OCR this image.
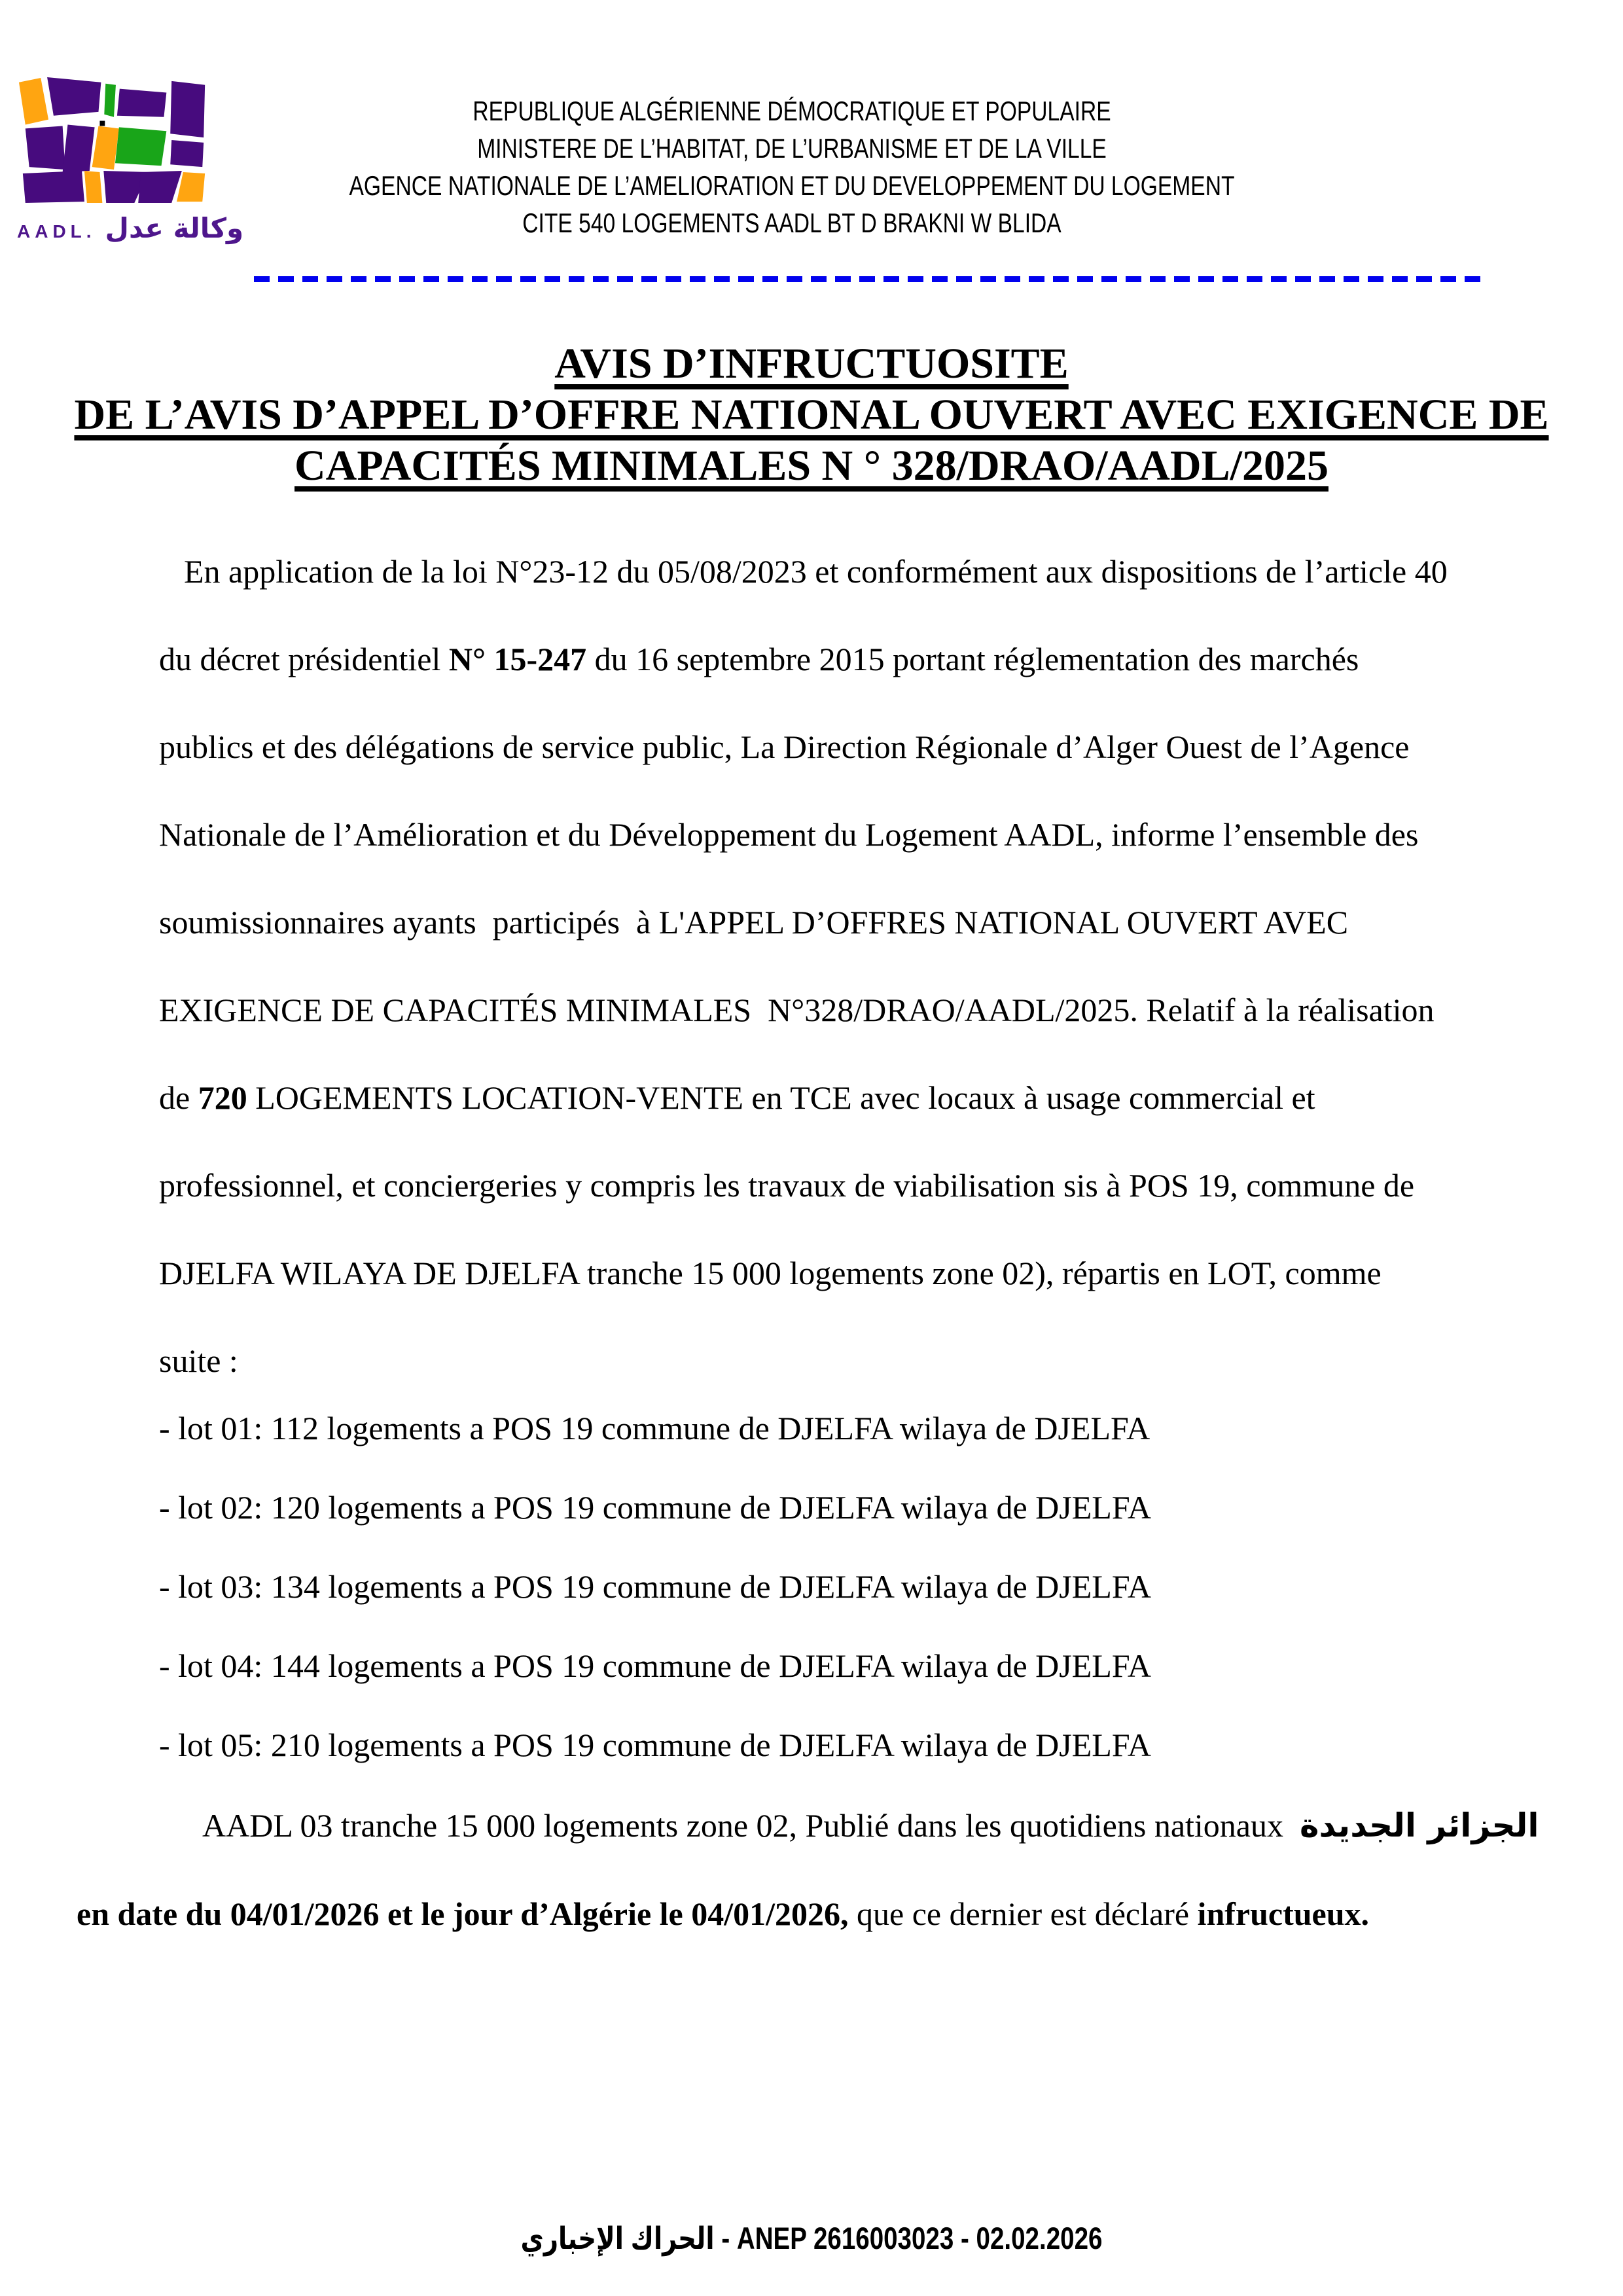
AADL. وكالة عدل
REPUBLIQUE ALGÉRIENNE DÉMOCRATIQUE ET POPULAIRE
MINISTERE DE L’HABITAT, DE L’URBANISME ET DE LA VILLE
AGENCE NATIONALE DE L’AMELIORATION ET DU DEVELOPPEMENT DU LOGEMENT
CITE 540 LOGEMENTS AADL BT D BRAKNI W BLIDA
AVIS D’INFRUCTUOSITE
DE L’AVIS D’APPEL D’OFFRE NATIONAL OUVERT AVEC EXIGENCE DE
CAPACITÉS MINIMALES N ° 328/DRAO/AADL/2025
En application de la loi N°23-12 du 05/08/2023 et conformément aux dispositions de l’article 40
du décret présidentiel N° 15-247 du 16 septembre 2015 portant réglementation des marchés
publics et des délégations de service public, La Direction Régionale d’Alger Ouest de l’Agence
Nationale de l’Amélioration et du Développement du Logement AADL, informe l’ensemble des
soumissionnaires ayants  participés  à L'APPEL D’OFFRES NATIONAL OUVERT AVEC
EXIGENCE DE CAPACITÉS MINIMALES  N°328/DRAO/AADL/2025. Relatif à la réalisation
de 720 LOGEMENTS LOCATION-VENTE en TCE avec locaux à usage commercial et
professionnel, et conciergeries y compris les travaux de viabilisation sis à POS 19, commune de
DJELFA WILAYA DE DJELFA tranche 15 000 logements zone 02), répartis en LOT, comme
suite :
- lot 01: 112 logements a POS 19 commune de DJELFA wilaya de DJELFA
- lot 02: 120 logements a POS 19 commune de DJELFA wilaya de DJELFA
- lot 03: 134 logements a POS 19 commune de DJELFA wilaya de DJELFA
- lot 04: 144 logements a POS 19 commune de DJELFA wilaya de DJELFA
- lot 05: 210 logements a POS 19 commune de DJELFA wilaya de DJELFA
AADL 03 tranche 15 000 logements zone 02, Publié dans les quotidiens nationaux  الجزائر الجديدة
en date du 04/01/2026 et le jour d’Algérie le 04/01/2026, que ce dernier est déclaré infructueux.
الحراك الإخباري - ANEP 2616003023 - 02.02.2026
